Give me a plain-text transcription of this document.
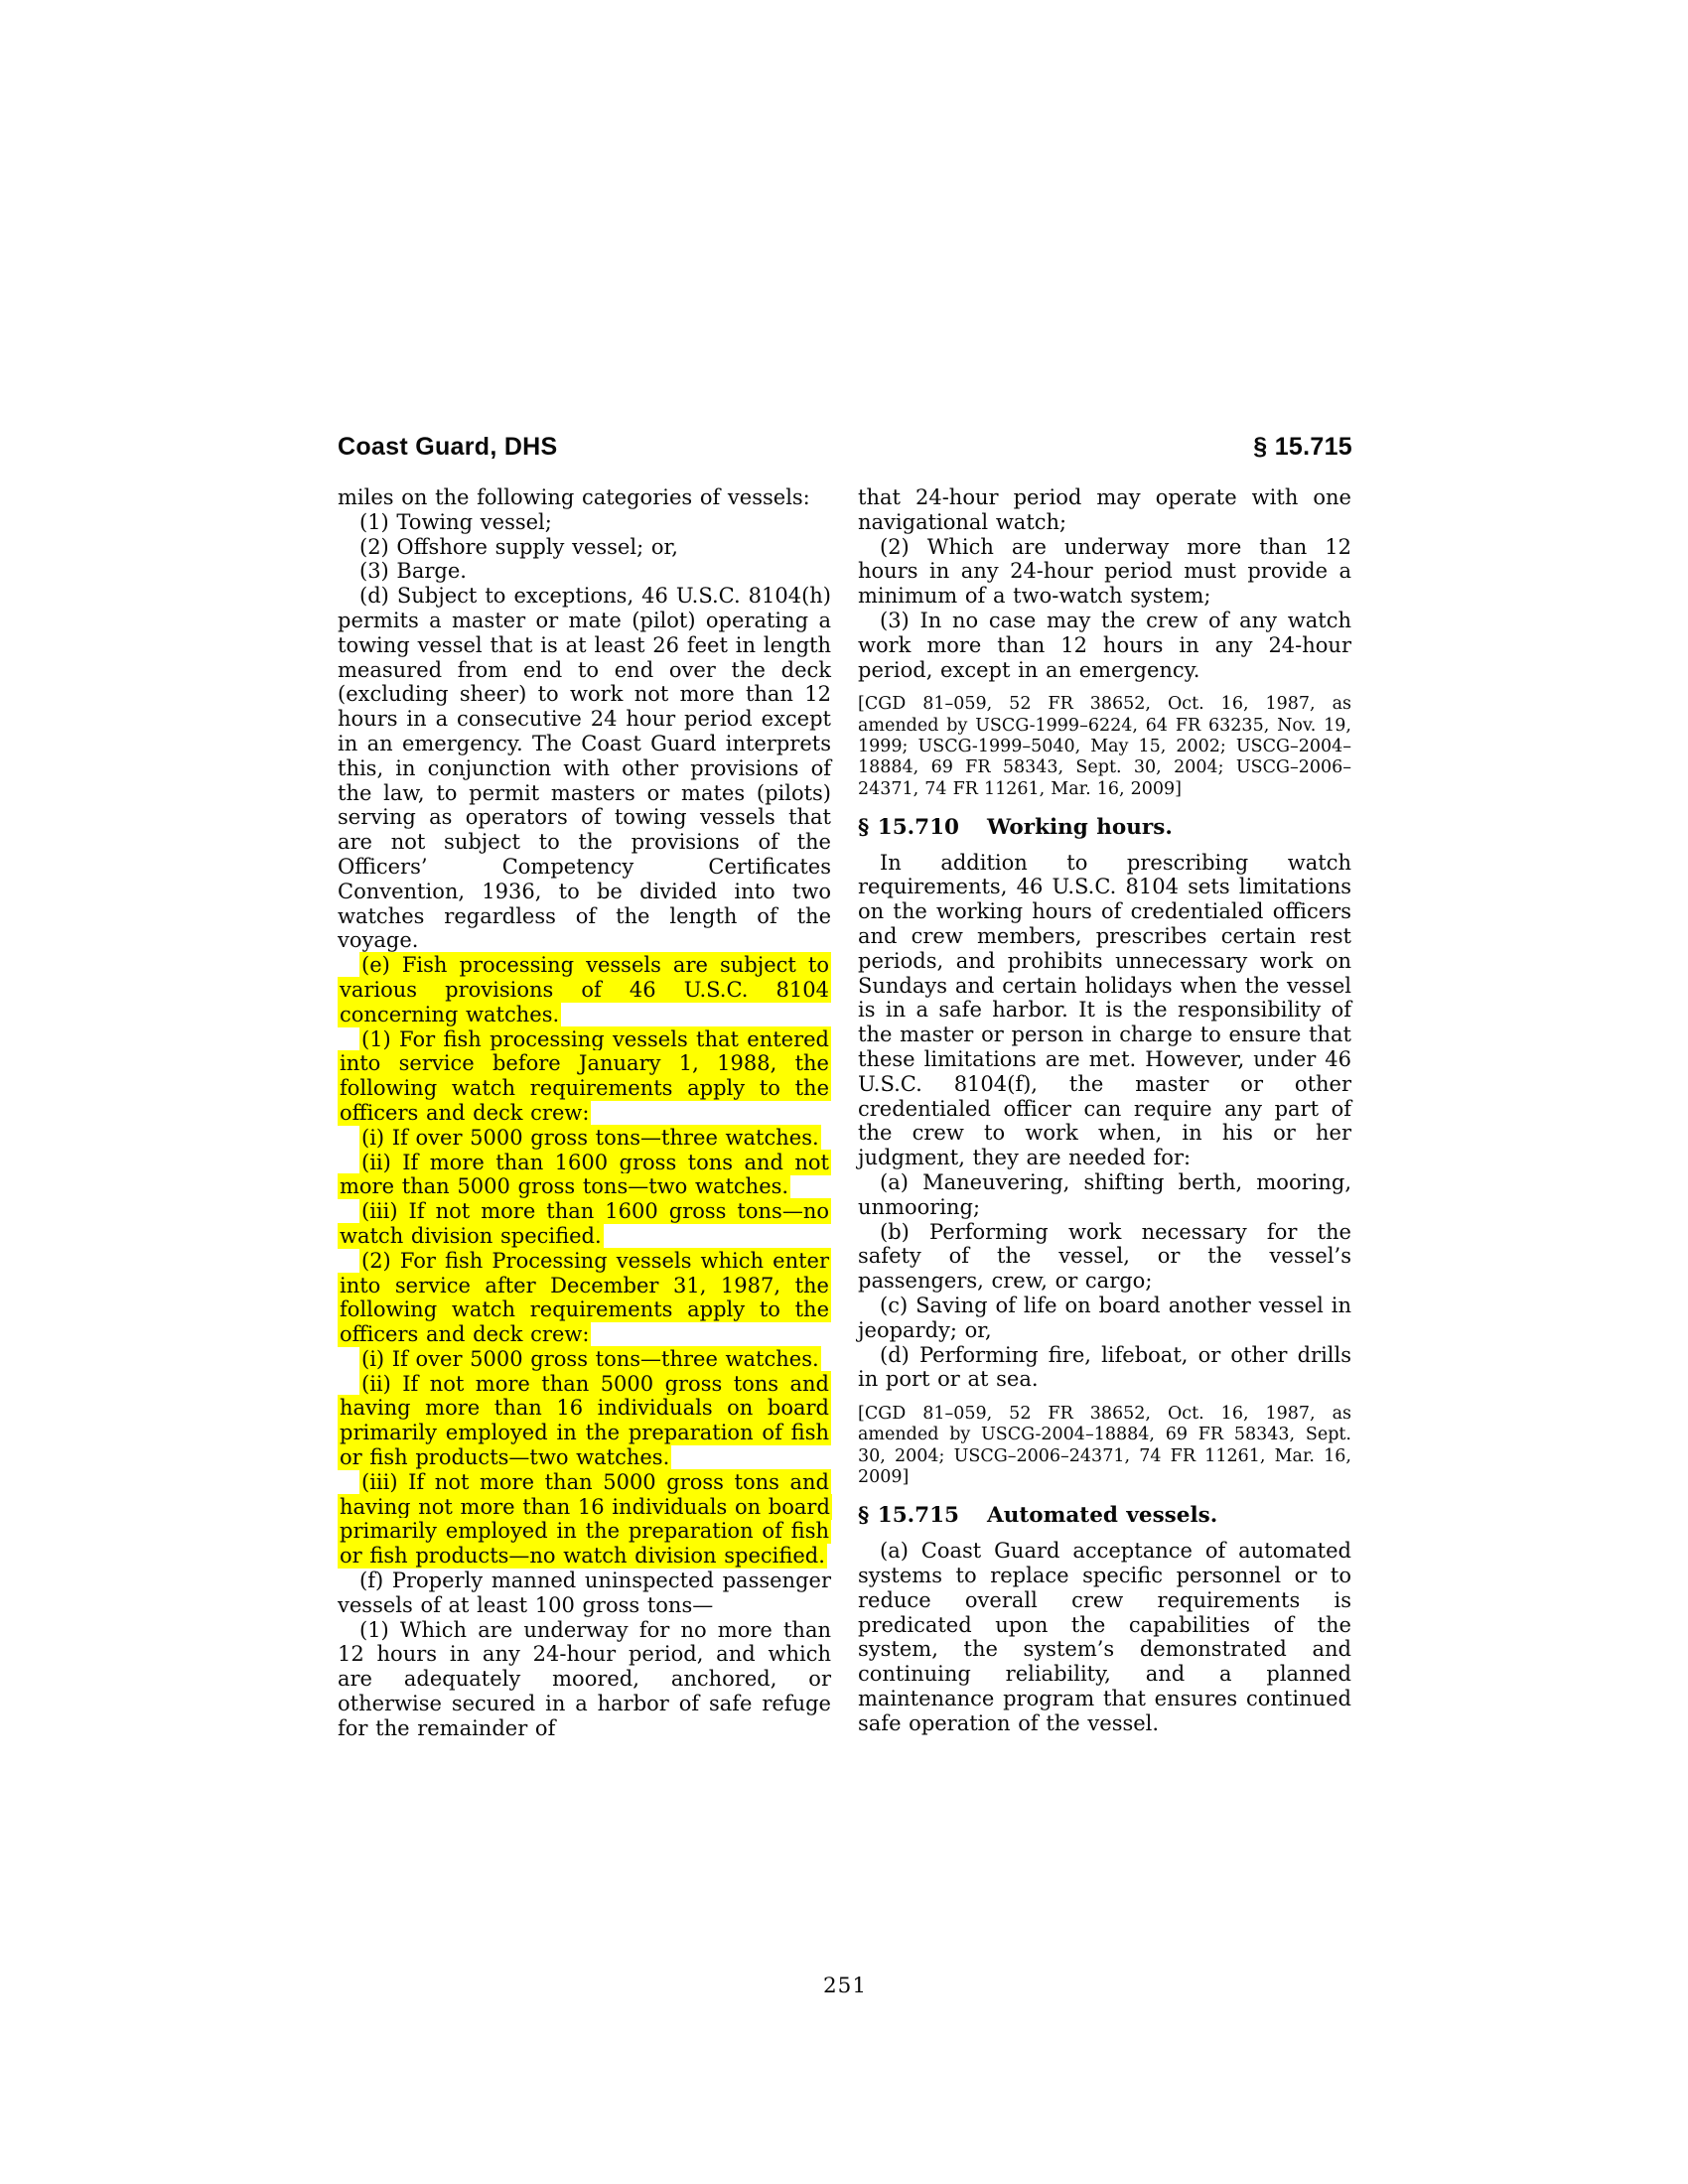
Coast Guard, DHS	§ 15.715
miles on the following categories of vessels:
(1) Towing vessel;
(2) Offshore supply vessel; or,
(3) Barge.
(d) Subject to exceptions, 46 U.S.C. 8104(h) permits a master or mate (pilot) operating a towing vessel that is at least 26 feet in length measured from end to end over the deck (excluding sheer) to work not more than 12 hours in a consecutive 24 hour period except in an emergency. The Coast Guard interprets this, in conjunction with other provisions of the law, to permit masters or mates (pilots) serving as operators of towing vessels that are not subject to the provisions of the Officers’ Competency Certificates Convention, 1936, to be divided into two watches regardless of the length of the voyage.
(e) Fish processing vessels are subject to various provisions of 46 U.S.C. 8104 concerning watches.
(1) For fish processing vessels that entered into service before January 1, 1988, the following watch requirements apply to the officers and deck crew:
(i) If over 5000 gross tons—three watches.
(ii) If more than 1600 gross tons and not more than 5000 gross tons—two watches.
(iii) If not more than 1600 gross tons—no watch division specified.
(2) For fish Processing vessels which enter into service after December 31, 1987, the following watch requirements apply to the officers and deck crew:
(i) If over 5000 gross tons—three watches.
(ii) If not more than 5000 gross tons and having more than 16 individuals on board primarily employed in the preparation of fish or fish products—two watches.
(iii) If not more than 5000 gross tons and having not more than 16 individuals on board primarily employed in the preparation of fish or fish products—no watch division specified.
(f) Properly manned uninspected passenger vessels of at least 100 gross tons—
(1) Which are underway for no more than 12 hours in any 24-hour period, and which are adequately moored, anchored, or otherwise secured in a harbor of safe refuge for the remainder of
that 24-hour period may operate with one navigational watch;
(2) Which are underway more than 12 hours in any 24-hour period must provide a minimum of a two-watch system;
(3) In no case may the crew of any watch work more than 12 hours in any 24-hour period, except in an emergency.
[CGD 81–059, 52 FR 38652, Oct. 16, 1987, as amended by USCG-1999–6224, 64 FR 63235, Nov. 19, 1999; USCG-1999–5040, May 15, 2002; USCG–2004–18884, 69 FR 58343, Sept. 30, 2004; USCG–2006–24371, 74 FR 11261, Mar. 16, 2009]
§ 15.710 Working hours.
In addition to prescribing watch requirements, 46 U.S.C. 8104 sets limitations on the working hours of credentialed officers and crew members, prescribes certain rest periods, and prohibits unnecessary work on Sundays and certain holidays when the vessel is in a safe harbor. It is the responsibility of the master or person in charge to ensure that these limitations are met. However, under 46 U.S.C. 8104(f), the master or other credentialed officer can require any part of the crew to work when, in his or her judgment, they are needed for:
(a) Maneuvering, shifting berth, mooring, unmooring;
(b) Performing work necessary for the safety of the vessel, or the vessel’s passengers, crew, or cargo;
(c) Saving of life on board another vessel in jeopardy; or,
(d) Performing fire, lifeboat, or other drills in port or at sea.
[CGD 81–059, 52 FR 38652, Oct. 16, 1987, as amended by USCG-2004–18884, 69 FR 58343, Sept. 30, 2004; USCG–2006–24371, 74 FR 11261, Mar. 16, 2009]
§ 15.715 Automated vessels.
(a) Coast Guard acceptance of automated systems to replace specific personnel or to reduce overall crew requirements is predicated upon the capabilities of the system, the system’s demonstrated and continuing reliability, and a planned maintenance program that ensures continued safe operation of the vessel.
251
